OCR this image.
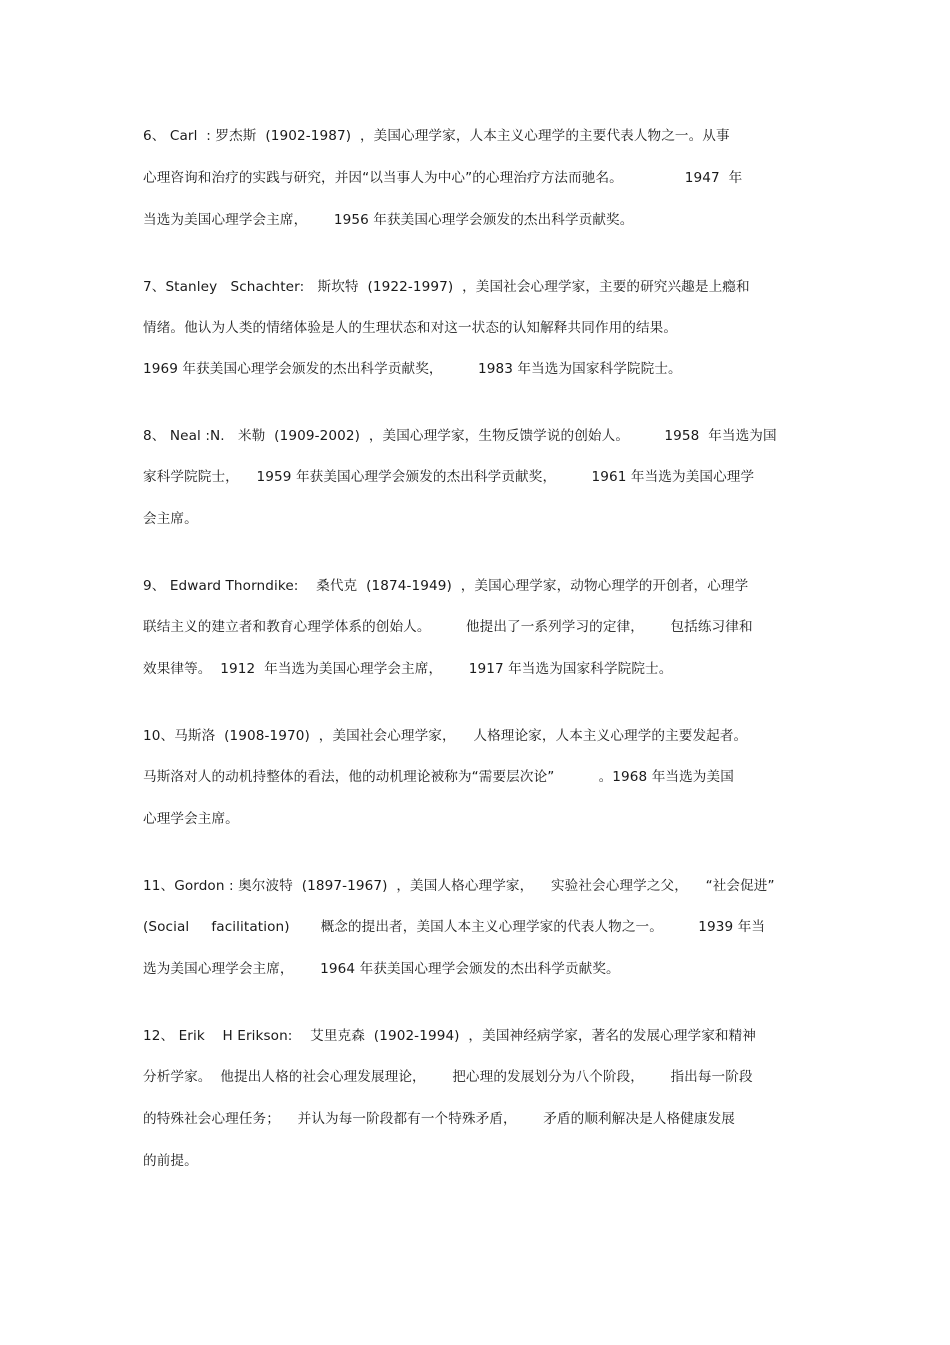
6、 Carl  : 罗杰斯  (1902-1987)  ，美国心理学家，人本主义心理学的主要代表人物之一。从事
心理咨询和治疗的实践与研究，并因“以当事人为中心”的心理治疗方法而驰名。              1947  年
当选为美国心理学会主席，      1956 年获美国心理学会颁发的杰出科学贡献奖。
7、Stanley   Schachter:   斯坎特  (1922-1997)  ，美国社会心理学家，主要的研究兴趣是上瘾和
情绪。他认为人类的情绪体验是人的生理状态和对这一状态的认知解释共同作用的结果。
1969 年获美国心理学会颁发的杰出科学贡献奖，        1983 年当选为国家科学院院士。
8、 Neal :N.   米勒  (1909-2002)  ，美国心理学家，生物反馈学说的创始人。        1958  年当选为国
家科学院院士，    1959 年获美国心理学会颁发的杰出科学贡献奖，        1961 年当选为美国心理学
会主席。
9、 Edward Thorndike:    桑代克  (1874-1949)  ，美国心理学家，动物心理学的开创者，心理学
联结主义的建立者和教育心理学体系的创始人。        他提出了一系列学习的定律，      包括练习律和
效果律等。  1912  年当选为美国心理学会主席，      1917 年当选为国家科学院院士。
10、马斯洛  (1908-1970)  ，美国社会心理学家，    人格理论家，人本主义心理学的主要发起者。
马斯洛对人的动机持整体的看法，他的动机理论被称为“需要层次论”          。1968 年当选为美国
心理学会主席。
11、Gordon : 奥尔波特  (1897-1967)  ，美国人格心理学家，    实验社会心理学之父，    “社会促进”
(Social     facilitation)       概念的提出者，美国人本主义心理学家的代表人物之一。        1939 年当
选为美国心理学会主席，      1964 年获美国心理学会颁发的杰出科学贡献奖。
12、 Erik    H Erikson:    艾里克森  (1902-1994)  ，美国神经病学家，著名的发展心理学家和精神
分析学家。  他提出人格的社会心理发展理论，      把心理的发展划分为八个阶段，      指出每一阶段
的特殊社会心理任务；    并认为每一阶段都有一个特殊矛盾，      矛盾的顺利解决是人格健康发展
的前提。
